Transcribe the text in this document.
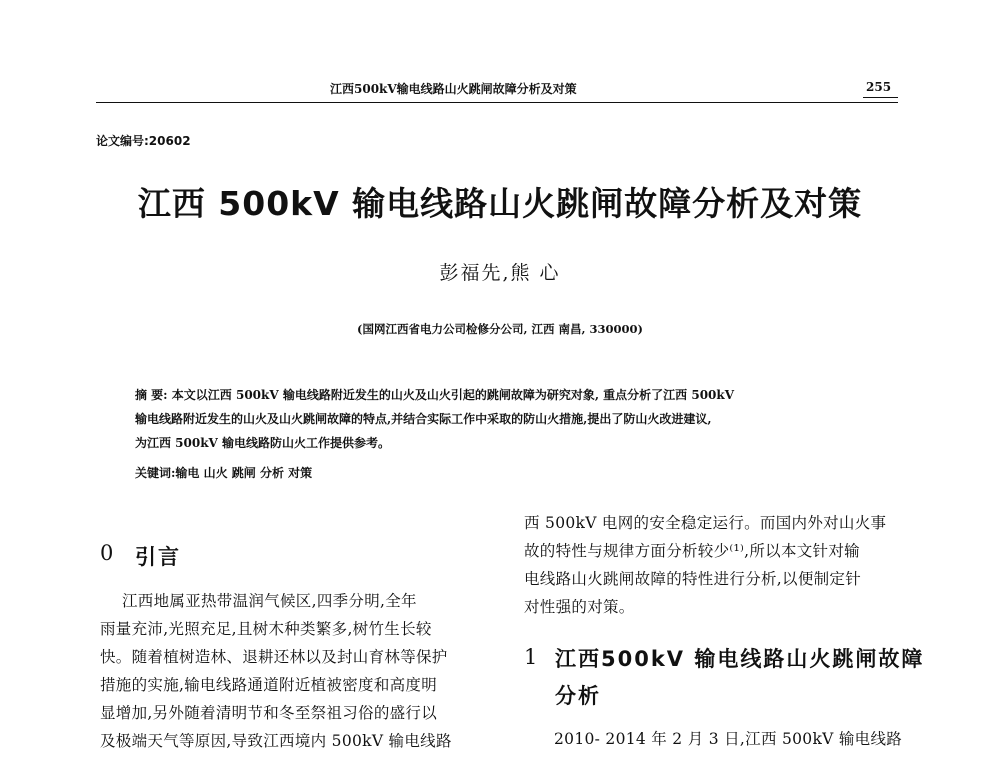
江西500kV输电线路山火跳闸故障分析及对策	255
论文编号:20602
江西 500kV 输电线路山火跳闸故障分析及对策
彭福先,熊 心
(国网江西省电力公司检修分公司, 江西 南昌, 330000)
摘 要: 本文以江西 500kV 输电线路附近发生的山火及山火引起的跳闸故障为研究对象, 重点分析了江西 500kV
输电线路附近发生的山火及山火跳闸故障的特点,并结合实际工作中采取的防山火措施,提出了防山火改进建议,
为江西 500kV 输电线路防山火工作提供参考。
关键词:输电 山火 跳闸 分析 对策
0 引言
江西地属亚热带温润气候区,四季分明,全年
雨量充沛,光照充足,且树木种类繁多,树竹生长较
快。随着植树造林、退耕还林以及封山育林等保护
措施的实施,输电线路通道附近植被密度和高度明
显增加,另外随着清明节和冬至祭祖习俗的盛行以
及极端天气等原因,导致江西境内 500kV 输电线路
西 500kV 电网的安全稳定运行。而国内外对山火事
故的特性与规律方面分析较少⁽¹⁾,所以本文针对输
电线路山火跳闸故障的特性进行分析,以便制定针
对性强的对策。
1 江西500kV 输电线路山火跳闸故障
分析
2010- 2014 年 2 月 3 日,江西 500kV 输电线路
